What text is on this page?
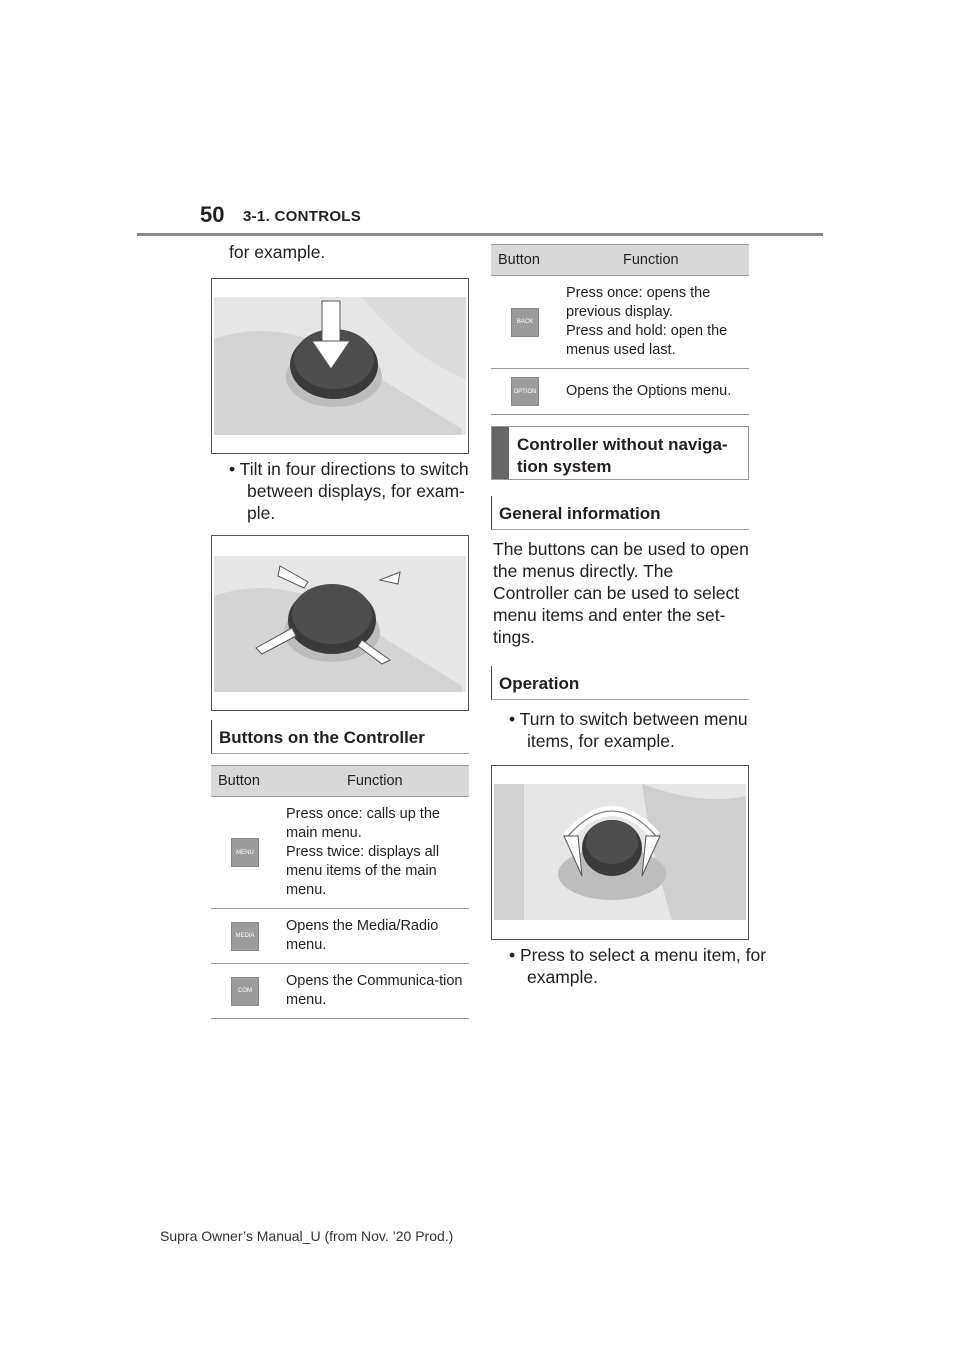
50 3-1. CONTROLS
for example.
• Tilt in four directions to switch between displays, for exam-ple.
Buttons on the Controller
Button	Function

MENU	Press once: calls up the main menu.
Press twice: displays all menu items of the main menu.

MEDIA	Opens the Media/Radio menu.

COM	Opens the Communica-tion menu.
Button	Function

BACK	Press once: opens the previous display.
Press and hold: open the menus used last.

OPTION	Opens the Options menu.
Controller without naviga-tion system
General information
The buttons can be used to open the menus directly. The Controller can be used to select menu items and enter the set-tings.
Operation
• Turn to switch between menu items, for example.
• Press to select a menu item, for example.
Supra Owner’s Manual_U (from Nov. ’20 Prod.)
